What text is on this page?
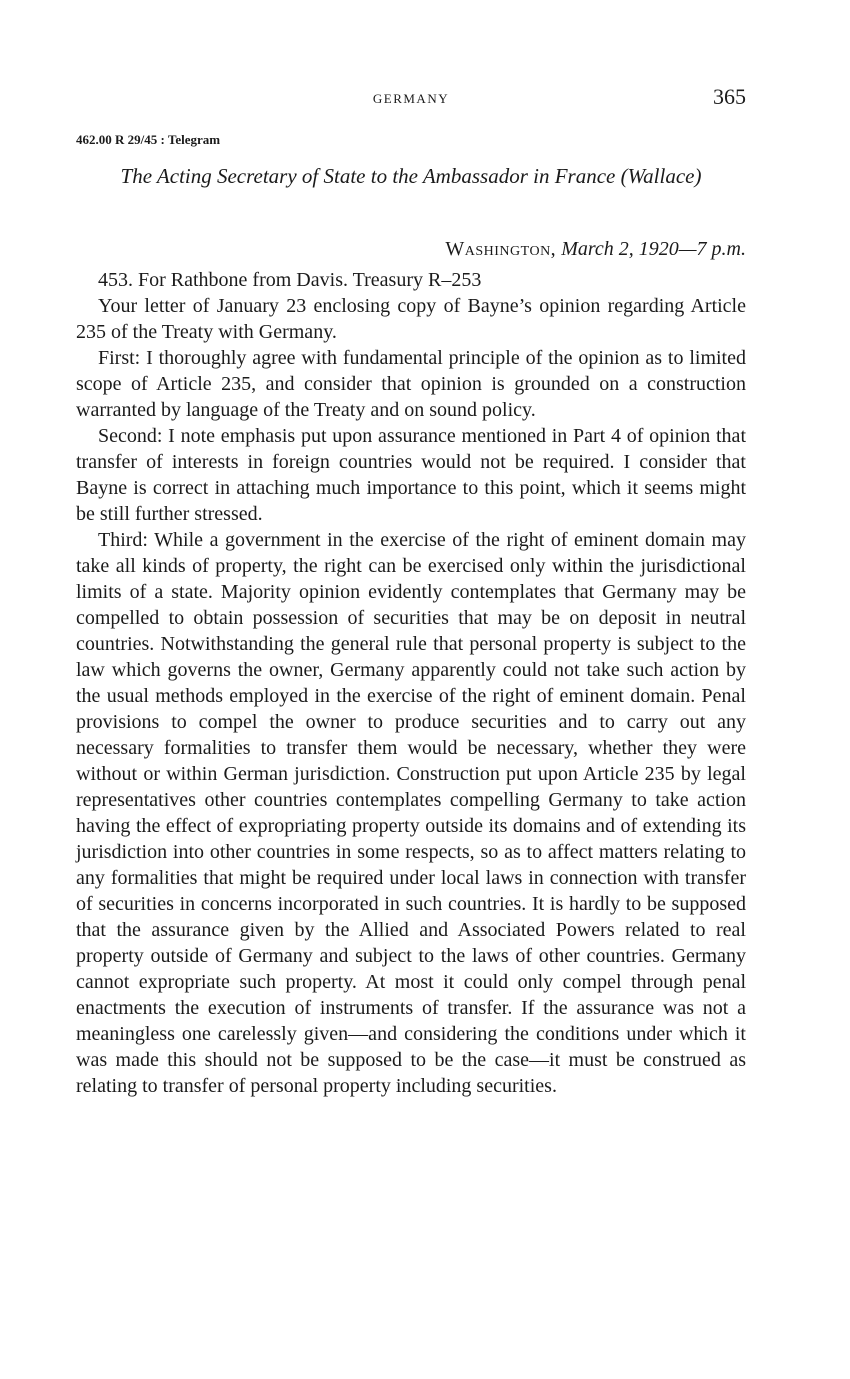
GERMANY	365
462.00 R 29/45 : Telegram
The Acting Secretary of State to the Ambassador in France (Wallace)
Washington, March 2, 1920—7 p.m.

453. For Rathbone from Davis. Treasury R–253

Your letter of January 23 enclosing copy of Bayne’s opinion regarding Article 235 of the Treaty with Germany.

First: I thoroughly agree with fundamental principle of the opinion as to limited scope of Article 235, and consider that opinion is grounded on a construction warranted by language of the Treaty and on sound policy.

Second: I note emphasis put upon assurance mentioned in Part 4 of opinion that transfer of interests in foreign countries would not be required. I consider that Bayne is correct in attaching much importance to this point, which it seems might be still further stressed.

Third: While a government in the exercise of the right of eminent domain may take all kinds of property, the right can be exercised only within the jurisdictional limits of a state. Majority opinion evidently contemplates that Germany may be compelled to obtain possession of securities that may be on deposit in neutral countries. Notwithstanding the general rule that personal property is subject to the law which governs the owner, Germany apparently could not take such action by the usual methods employed in the exercise of the right of eminent domain. Penal provisions to compel the owner to produce securities and to carry out any necessary formalities to transfer them would be necessary, whether they were without or within German jurisdiction. Construction put upon Article 235 by legal representatives other countries contemplates compelling Germany to take action having the effect of expropriating property outside its domains and of extending its jurisdiction into other countries in some respects, so as to affect matters relating to any formalities that might be required under local laws in connection with transfer of securities in concerns incorporated in such countries. It is hardly to be supposed that the assurance given by the Allied and Associated Powers related to real property outside of Germany and subject to the laws of other countries. Germany cannot expropriate such property. At most it could only compel through penal enactments the execution of instruments of transfer. If the assurance was not a meaningless one carelessly given—and considering the conditions under which it was made this should not be supposed to be the case—it must be construed as relating to transfer of personal property including securities.
